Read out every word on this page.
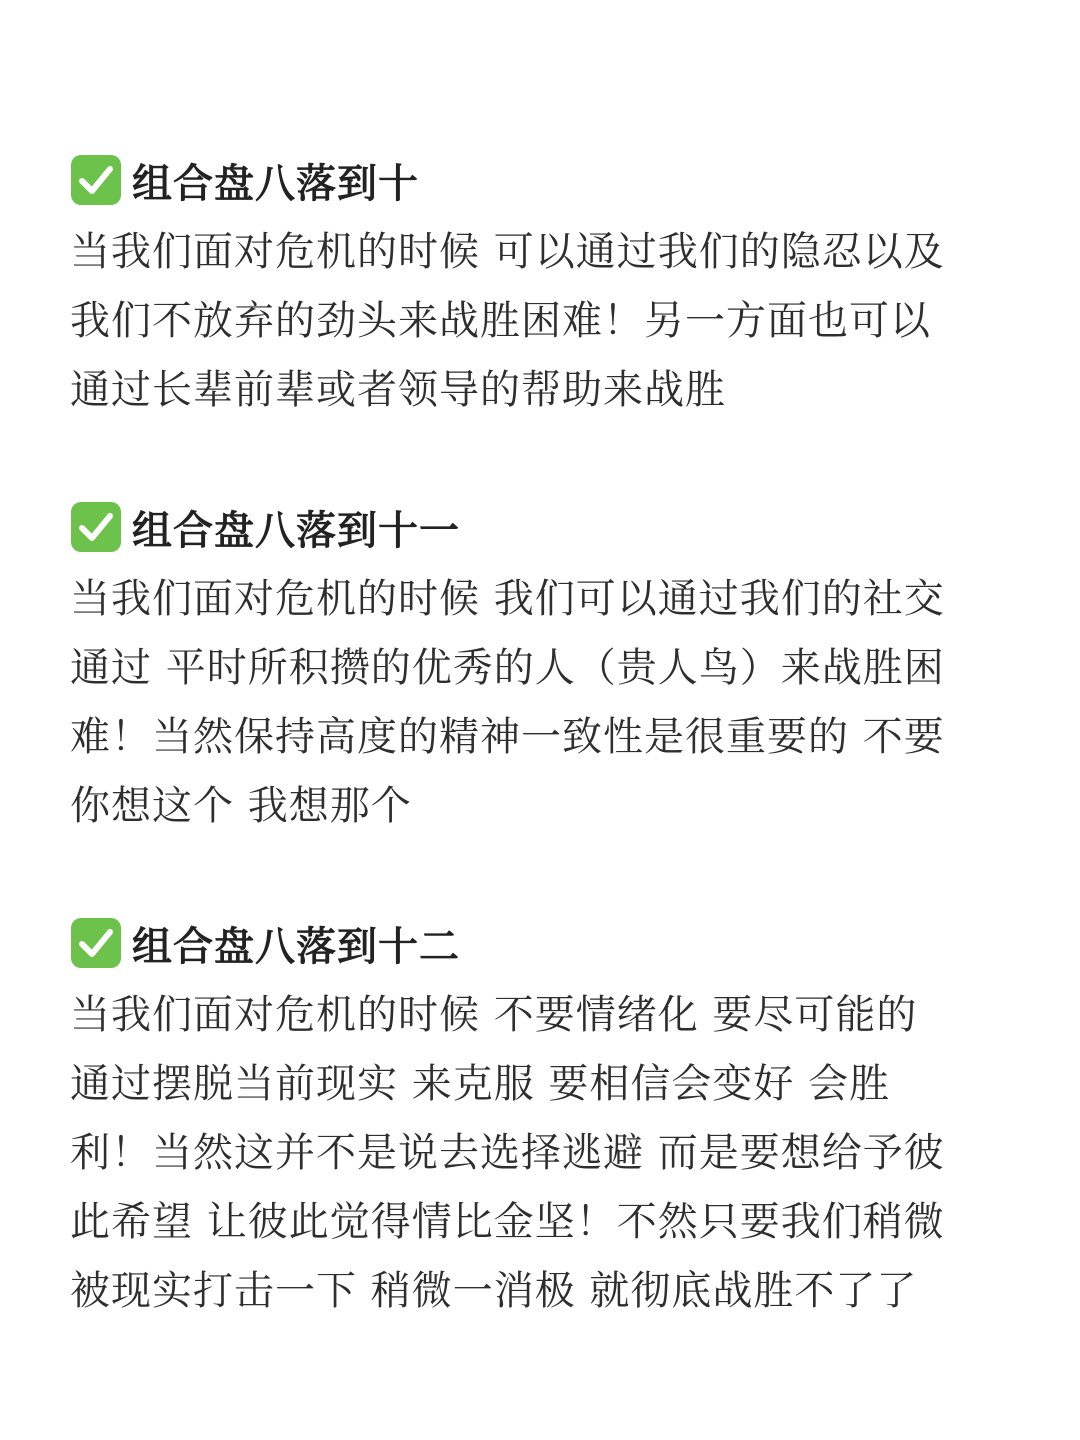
组合盘八落到十
当我们面对危机的时候 可以通过我们的隐忍以及
我们不放弃的劲头来战胜困难！另一方面也可以
通过长辈前辈或者领导的帮助来战胜
组合盘八落到十一
当我们面对危机的时候 我们可以通过我们的社交
通过 平时所积攒的优秀的人（贵人鸟）来战胜困
难！当然保持高度的精神一致性是很重要的 不要
你想这个 我想那个
组合盘八落到十二
当我们面对危机的时候 不要情绪化 要尽可能的
通过摆脱当前现实 来克服 要相信会变好 会胜
利！当然这并不是说去选择逃避 而是要想给予彼
此希望 让彼此觉得情比金坚！不然只要我们稍微
被现实打击一下 稍微一消极 就彻底战胜不了了
